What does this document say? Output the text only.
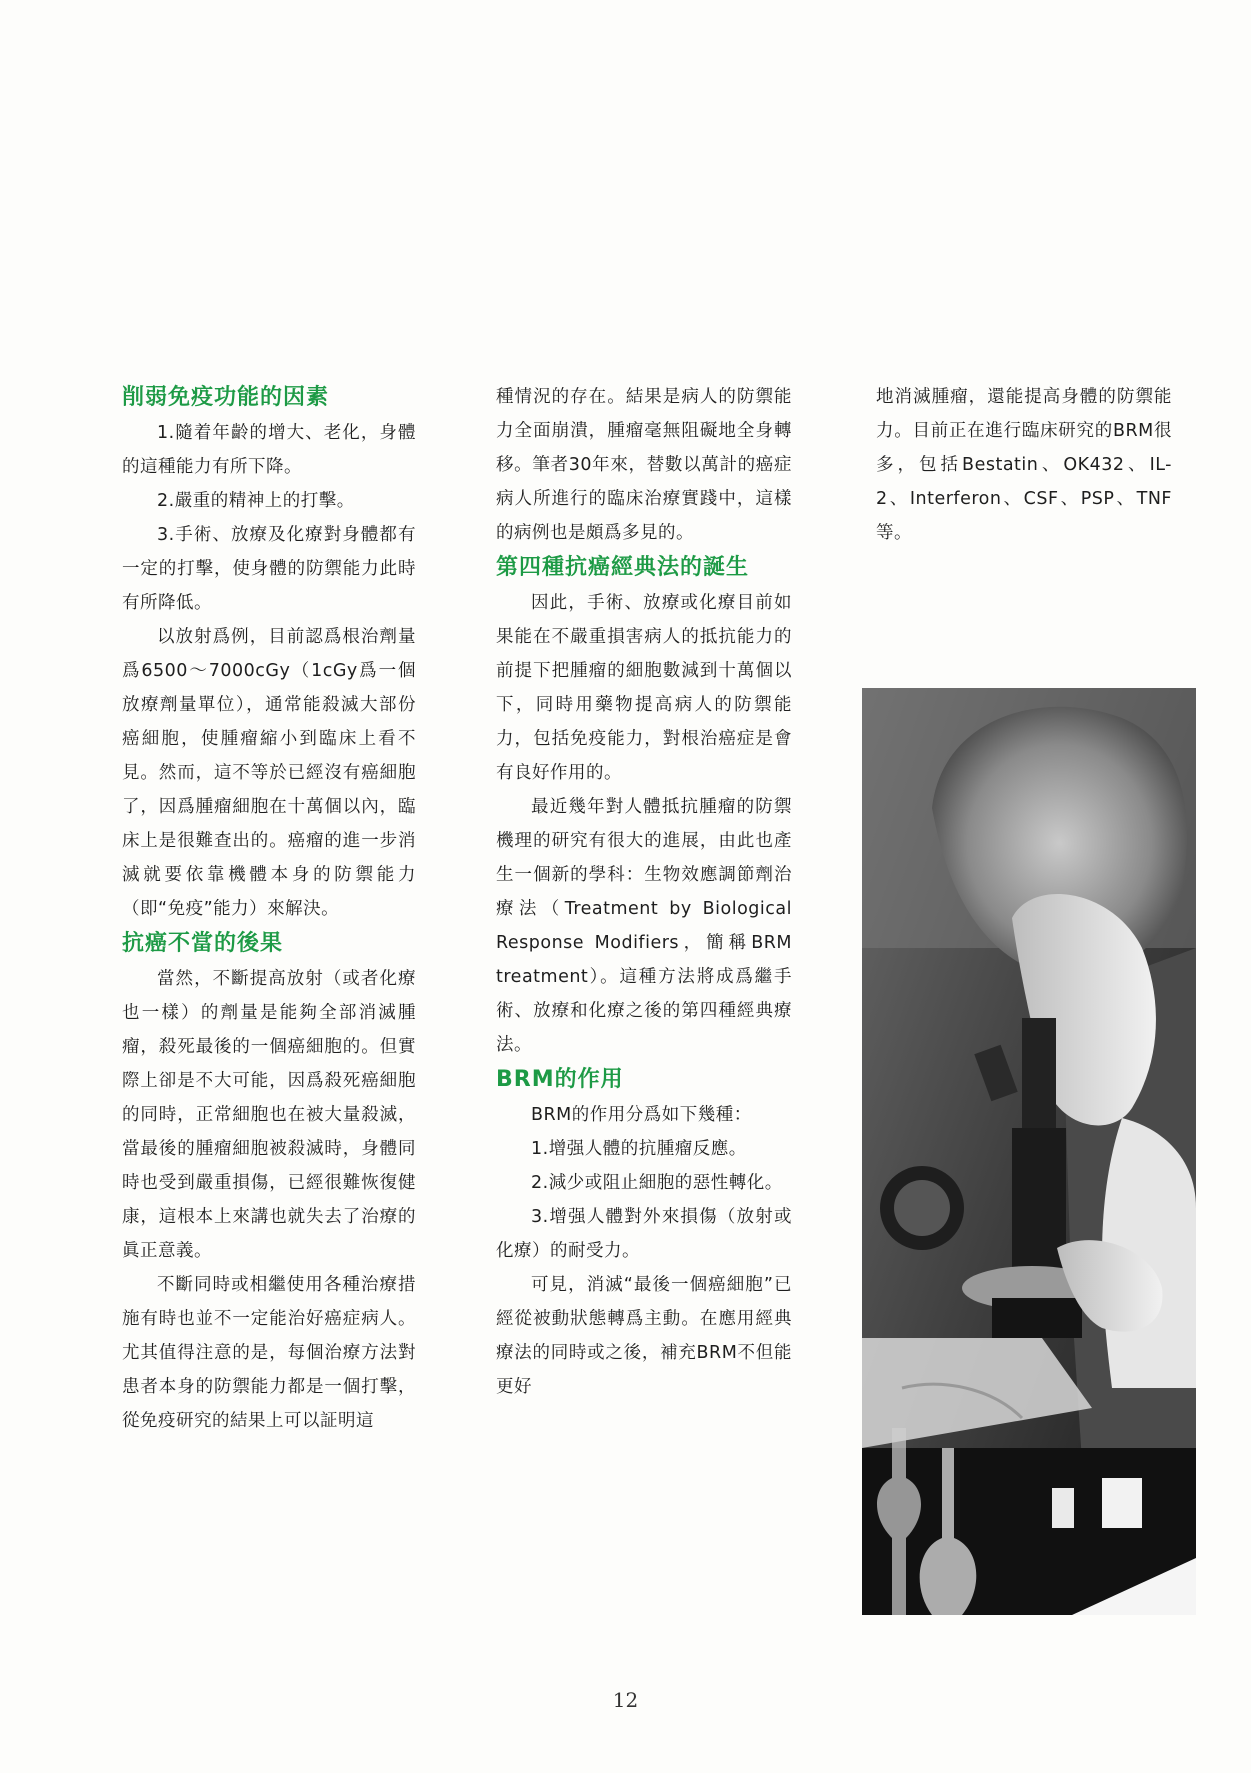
削弱免疫功能的因素

1.隨着年齡的增大、老化，身體的這種能力有所下降。

2.嚴重的精神上的打擊。

3.手術、放療及化療對身體都有一定的打擊，使身體的防禦能力此時有所降低。

以放射爲例，目前認爲根治劑量爲6500～7000cGy（1cGy爲一個放療劑量單位），通常能殺滅大部份癌細胞，使腫瘤縮小到臨床上看不見。然而，這不等於已經沒有癌細胞了，因爲腫瘤細胞在十萬個以內，臨床上是很難查出的。癌瘤的進一步消滅就要依靠機體本身的防禦能力（即“免疫”能力）來解決。

抗癌不當的後果

當然，不斷提高放射（或者化療也一樣）的劑量是能夠全部消滅腫瘤，殺死最後的一個癌細胞的。但實際上卻是不大可能，因爲殺死癌細胞的同時，正常細胞也在被大量殺滅，當最後的腫瘤細胞被殺滅時，身體同時也受到嚴重損傷，已經很難恢復健康，這根本上來講也就失去了治療的眞正意義。

不斷同時或相繼使用各種治療措施有時也並不一定能治好癌症病人。尤其值得注意的是，每個治療方法對患者本身的防禦能力都是一個打擊，從免疫研究的結果上可以証明這

種情況的存在。結果是病人的防禦能力全面崩潰，腫瘤毫無阻礙地全身轉移。筆者30年來，替數以萬計的癌症病人所進行的臨床治療實踐中，這樣的病例也是頗爲多見的。

第四種抗癌經典法的誕生

因此，手術、放療或化療目前如果能在不嚴重損害病人的抵抗能力的前提下把腫瘤的細胞數減到十萬個以下，同時用藥物提高病人的防禦能力，包括免疫能力，對根治癌症是會有良好作用的。

最近幾年對人體抵抗腫瘤的防禦機理的研究有很大的進展，由此也產生一個新的學科：生物效應調節劑治療法（Treatment by Biological Response Modifiers，簡稱BRM treatment）。這種方法將成爲繼手術、放療和化療之後的第四種經典療法。

BRM的作用

BRM的作用分爲如下幾種：

1.增强人體的抗腫瘤反應。

2.減少或阻止細胞的惡性轉化。

3.增强人體對外來損傷（放射或化療）的耐受力。

可見，消滅“最後一個癌細胞”已經從被動狀態轉爲主動。在應用經典療法的同時或之後，補充BRM不但能更好

地消滅腫瘤，還能提高身體的防禦能力。目前正在進行臨床研究的BRM很多，包括Bestatin、OK432、IL-2、Interferon、CSF、PSP、TNF等。

12
